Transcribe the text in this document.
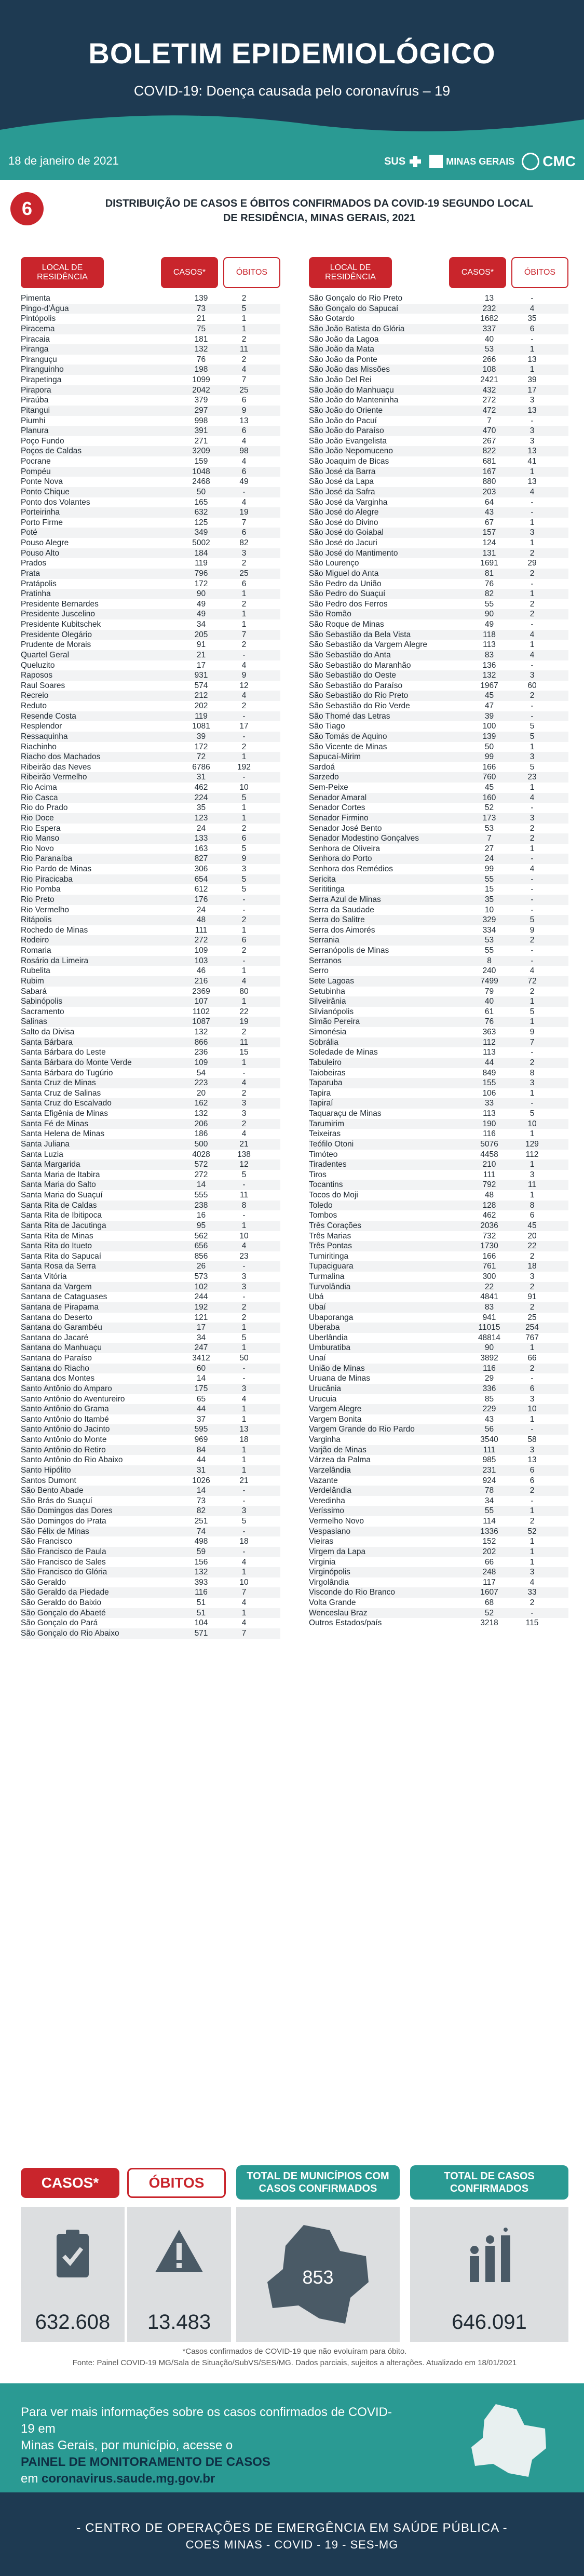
BOLETIM EPIDEMIOLÓGICO
COVID-19: Doença causada pelo coronavírus – 19
18 de janeiro de 2021	SUS	MINAS GERAIS CMC
6	DISTRIBUIÇÃO DE CASOS E ÓBITOS CONFIRMADOS DA COVID-19 SEGUNDO LOCAL
DE RESIDÊNCIA, MINAS GERAIS, 2021
LOCAL DE RESIDÊNCIA
CASOS*	ÓBITOS
Pimenta	139	2
Pingo-d'Água	73	5
Pintópolis	21	1
Piracema	75	1
Piracaia	181	2
Piranga	132	11
Piranguçu	76	2
Piranguinho	198	4
Pirapetinga	1099	7
Pirapora	2042	25
Piraúba	379	6
Pitangui	297	9
Piumhi	998	13
Planura	391	6
Poço Fundo	271	4
Poços de Caldas	3209	98
Pocrane	159	4
Pompéu	1048	6
Ponte Nova	2468	49
Ponto Chique	50	-
Ponto dos Volantes	165	4
Porteirinha	632	19
Porto Firme	125	7
Poté	349	6
Pouso Alegre	5002	82
Pouso Alto	184	3
Prados	119	2
Prata	796	25
Pratápolis	172	6
Pratinha	90	1
Presidente Bernardes	49	2
Presidente Juscelino	49	1
Presidente Kubitschek	34	1
Presidente Olegário	205	7
Prudente de Morais	91	2
Quartel Geral	21	-
Queluzito	17	4
Raposos	931	9
Raul Soares	574	12
Recreio	212	4
Reduto	202	2
Resende Costa	119	-
Resplendor	1081	17
Ressaquinha	39	-
Riachinho	172	2
Riacho dos Machados	72	1
Ribeirão das Neves	6786	192
Ribeirão Vermelho	31	-
Rio Acima	462	10
Rio Casca	224	5
Rio do Prado	35	1
Rio Doce	123	1
Rio Espera	24	2
Rio Manso	133	6
Rio Novo	163	5
Rio Paranaíba	827	9
Rio Pardo de Minas	306	3
Rio Piracicaba	654	5
Rio Pomba	612	5
Rio Preto	176	-
Rio Vermelho	24	-
Ritápolis	48	2
Rochedo de Minas	111	1
Rodeiro	272	6
Romaria	109	2
Rosário da Limeira	103	-
Rubelita	46	1
Rubim	216	4
Sabará	2369	80
Sabinópolis	107	1
Sacramento	1102	22
Salinas	1087	19
Salto da Divisa	132	2
Santa Bárbara	866	11
Santa Bárbara do Leste	236	15
Santa Bárbara do Monte Verde	109	1
Santa Bárbara do Tugúrio	54	-
Santa Cruz de Minas	223	4
Santa Cruz de Salinas	20	2
Santa Cruz do Escalvado	162	3
Santa Efigênia de Minas	132	3
Santa Fé de Minas	206	2
Santa Helena de Minas	186	4
Santa Juliana	500	21
Santa Luzia	4028	138
Santa Margarida	572	12
Santa Maria de Itabira	272	5
Santa Maria do Salto	14	-
Santa Maria do Suaçuí	555	11
Santa Rita de Caldas	238	8
Santa Rita de Ibitipoca	16	-
Santa Rita de Jacutinga	95	1
Santa Rita de Minas	562	10
Santa Rita do Itueto	656	4
Santa Rita do Sapucaí	856	23
Santa Rosa da Serra	26	-
Santa Vitória	573	3
Santana da Vargem	102	3
Santana de Cataguases	244	-
Santana de Pirapama	192	2
Santana do Deserto	121	2
Santana do Garambéu	17	1
Santana do Jacaré	34	5
Santana do Manhuaçu	247	1
Santana do Paraíso	3412	50
Santana do Riacho	60	-
Santana dos Montes	14	-
Santo Antônio do Amparo	175	3
Santo Antônio do Aventureiro	65	4
Santo Antônio do Grama	44	1
Santo Antônio do Itambé	37	1
Santo Antônio do Jacinto	595	13
Santo Antônio do Monte	969	18
Santo Antônio do Retiro	84	1
Santo Antônio do Rio Abaixo	44	1
Santo Hipólito	31	1
Santos Dumont	1026	21
São Bento Abade	14	-
São Brás do Suaçuí	73	-
São Domingos das Dores	82	3
São Domingos do Prata	251	5
São Félix de Minas	74	-
São Francisco	498	18
São Francisco de Paula	59	-
São Francisco de Sales	156	4
São Francisco do Glória	132	1
São Geraldo	393	10
São Geraldo da Piedade	116	7
São Geraldo do Baixio	51	4
São Gonçalo do Abaeté	51	1
São Gonçalo do Pará	104	4
São Gonçalo do Rio Abaixo	571	7
LOCAL DE RESIDÊNCIA
CASOS*	ÓBITOS
São Gonçalo do Rio Preto	13	-
São Gonçalo do Sapucaí	232	4
São Gotardo	1682	35
São João Batista do Glória	337	6
São João da Lagoa	40	-
São João da Mata	53	1
São João da Ponte	266	13
São João das Missões	108	1
São João Del Rei	2421	39
São João do Manhuaçu	432	17
São João do Manteninha	272	3
São João do Oriente	472	13
São João do Pacuí	7	-
São João do Paraíso	470	3
São João Evangelista	267	3
São João Nepomuceno	822	13
São Joaquim de Bicas	681	41
São José da Barra	167	1
São José da Lapa	880	13
São José da Safra	203	4
São José da Varginha	64	-
São José do Alegre	43	-
São José do Divino	67	1
São José do Goiabal	157	3
São José do Jacuri	124	1
São José do Mantimento	131	2
São Lourenço	1691	29
São Miguel do Anta	81	2
São Pedro da União	76	-
São Pedro do Suaçuí	82	1
São Pedro dos Ferros	55	2
São Romão	90	2
São Roque de Minas	49	-
São Sebastião da Bela Vista	118	4
São Sebastião da Vargem Alegre	113	1
São Sebastião do Anta	83	4
São Sebastião do Maranhão	136	-
São Sebastião do Oeste	132	3
São Sebastião do Paraíso	1967	60
São Sebastião do Rio Preto	45	2
São Sebastião do Rio Verde	47	-
São Thomé das Letras	39	-
São Tiago	100	5
São Tomás de Aquino	139	5
São Vicente de Minas	50	1
Sapucaí-Mirim	99	3
Sardoá	166	5
Sarzedo	760	23
Sem-Peixe	45	1
Senador Amaral	160	4
Senador Cortes	52	-
Senador Firmino	173	3
Senador José Bento	53	2
Senador Modestino Gonçalves	7	2
Senhora de Oliveira	27	1
Senhora do Porto	24	-
Senhora dos Remédios	99	4
Sericita	55	-
Serititinga	15	-
Serra Azul de Minas	35	-
Serra da Saudade	10	-
Serra do Salitre	329	5
Serra dos Aimorés	334	9
Serrania	53	2
Serranópolis de Minas	55	-
Serranos	8	-
Serro	240	4
Sete Lagoas	7499	72
Setubinha	79	2
Silveirânia	40	1
Silvianópolis	61	5
Simão Pereira	76	1
Simonésia	363	9
Sobrália	112	7
Soledade de Minas	113	-
Tabuleiro	44	2
Taiobeiras	849	8
Taparuba	155	3
Tapira	106	1
Tapiraí	33	-
Taquaraçu de Minas	113	5
Tarumirim	190	10
Teixeiras	116	1
Teófilo Otoni	5076	129
Timóteo	4458	112
Tiradentes	210	1
Tiros	111	3
Tocantins	792	11
Tocos do Moji	48	1
Toledo	128	8
Tombos	462	6
Três Corações	2036	45
Três Marias	732	20
Três Pontas	1730	22
Tumiritinga	166	2
Tupaciguara	761	18
Turmalina	300	3
Turvolândia	22	2
Ubá	4841	91
Ubaí	83	2
Ubaporanga	941	25
Uberaba	11015	254
Uberlândia	48814	767
Umburatiba	90	1
Unaí	3892	66
União de Minas	116	2
Uruana de Minas	29	-
Urucânia	336	6
Urucuia	85	3
Vargem Alegre	229	10
Vargem Bonita	43	1
Vargem Grande do Rio Pardo	56	-
Varginha	3540	58
Varjão de Minas	111	3
Várzea da Palma	985	13
Varzelândia	231	6
Vazante	924	6
Verdelândia	78	2
Veredinha	34	-
Veríssimo	55	1
Vermelho Novo	114	2
Vespasiano	1336	52
Vieiras	152	1
Virgem da Lapa	202	1
Virginia	66	1
Virginópolis	248	3
Virgolândia	117	4
Visconde do Rio Branco	1607	33
Volta Grande	68	2
Wenceslau Braz	52	-
Outros Estados/país	3218	115
CASOS*	ÓBITOS	TOTAL DE MUNICÍPIOS COM CASOS CONFIRMADOS
TOTAL DE CASOS CONFIRMADOS
632.608	13.483
853
646.091
*Casos confirmados de COVID-19 que não evoluíram para óbito.
Fonte: Painel COVID-19 MG/Sala de Situação/SubVS/SES/MG. Dados parciais, sujeitos a alterações. Atualizado em 18/01/2021
Para ver mais informações sobre os casos confirmados de COVID-19 em
Minas Gerais, por município, acesse o
PAINEL DE MONITORAMENTO DE CASOS
em coronavirus.saude.mg.gov.br
- CENTRO DE OPERAÇÕES DE EMERGÊNCIA EM SAÚDE PÚBLICA -
COES MINAS - COVID - 19 - SES-MG
